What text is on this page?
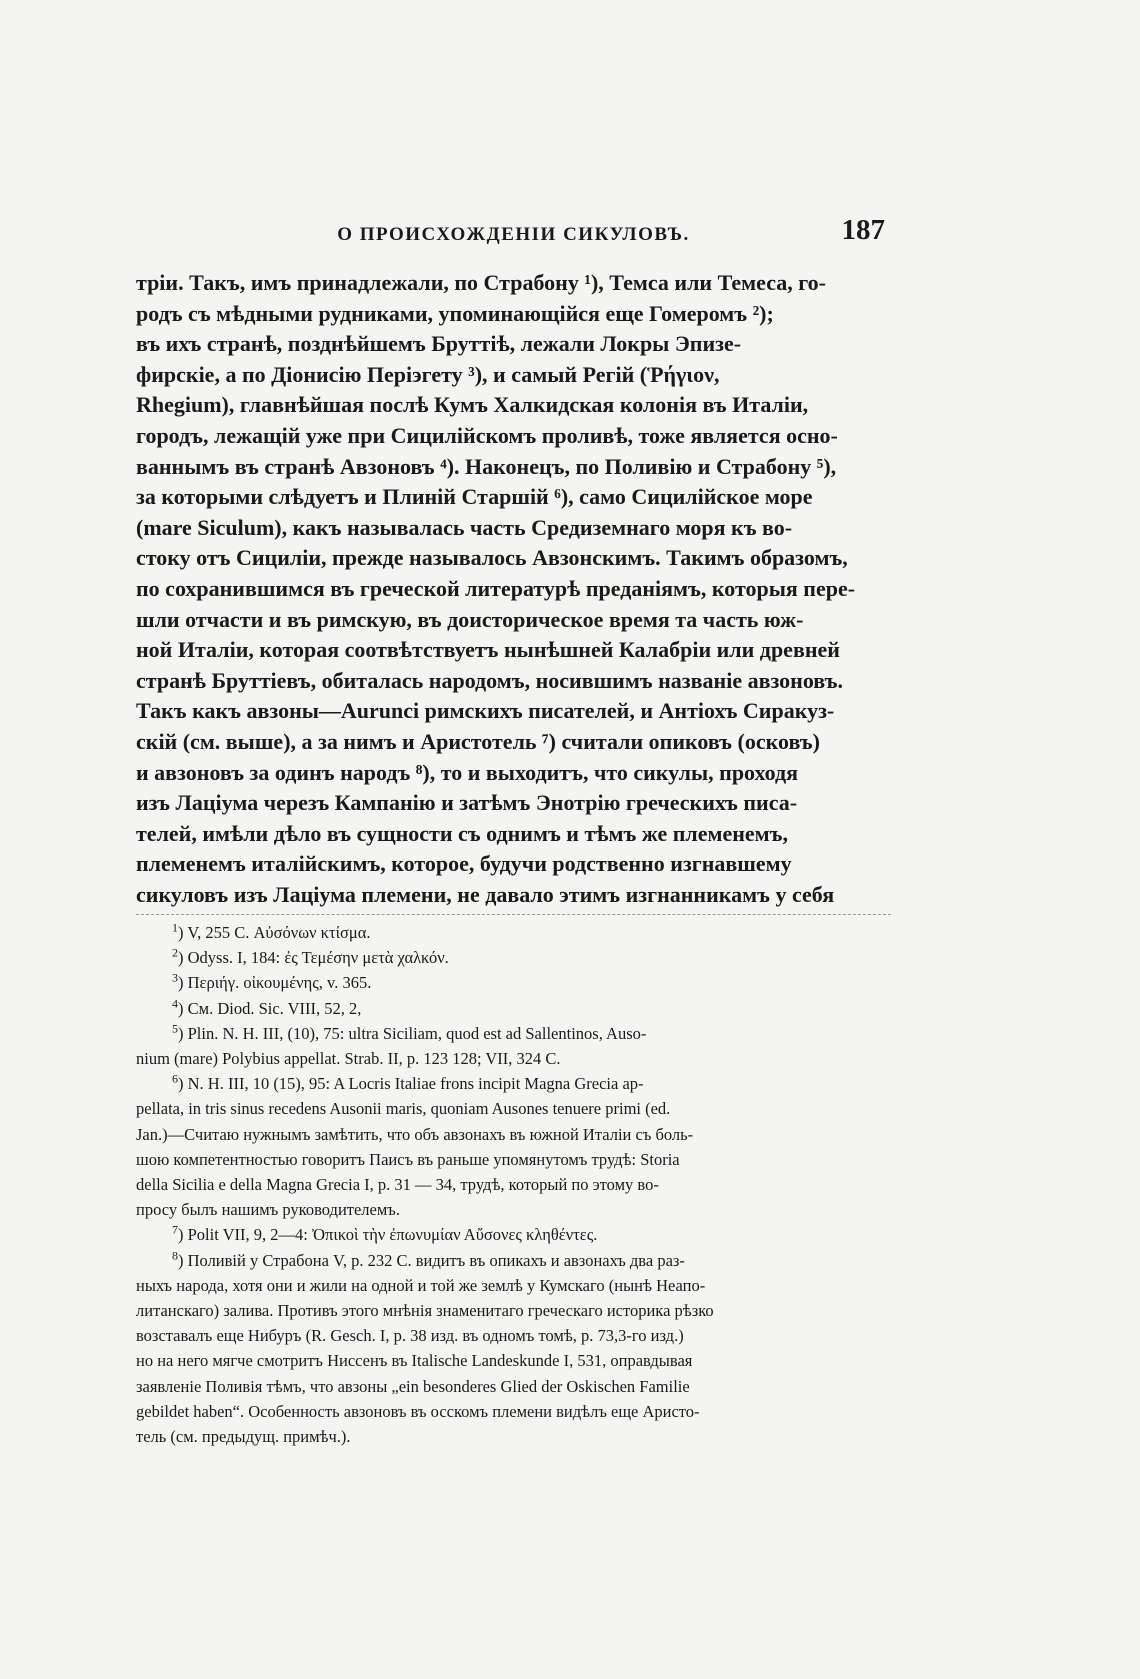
О ПРОИСХОЖДЕНІИ СИКУЛОВЪ.	187
тріи. Такъ, имъ принадлежали, по Страбону ¹), Темса или Темеса, го-
родъ съ мѣдными рудниками, упоминающійся еще Гомеромъ ²);
въ ихъ странѣ, позднѣйшемъ Бруттіѣ, лежали Локры Эпизе-
фирскіе, а по Діонисію Періэгету ³), и самый Регій (Ῥήγιον,
Rhegium), главнѣйшая послѣ Кумъ Халкидская колонія въ Италіи,
городъ, лежащій уже при Сицилійскомъ проливѣ, тоже является осно-
ваннымъ въ странѣ Авзоновъ ⁴). Наконецъ, по Поливію и Страбону ⁵),
за которыми слѣдуетъ и Плиній Старшій ⁶), само Сицилійское море
(mare Siculum), какъ называлась часть Средиземнаго моря къ во-
стоку отъ Сициліи, прежде называлось Авзонскимъ. Такимъ образомъ,
по сохранившимся въ греческой литературѣ преданіямъ, которыя пере-
шли отчасти и въ римскую, въ доисторическое время та часть юж-
ной Италіи, которая соотвѣтствуетъ нынѣшней Калабріи или древней
странѣ Бруттіевъ, обиталась народомъ, носившимъ названіе авзоновъ.
Такъ какъ авзоны—Aurunci римскихъ писателей, и Антіохъ Сиракуз-
скій (см. выше), а за нимъ и Аристотель ⁷) считали опиковъ (осковъ)
и авзоновъ за одинъ народъ ⁸), то и выходитъ, что сикулы, проходя
изъ Лаціума черезъ Кампанію и затѣмъ Энотрію греческихъ писа-
телей, имѣли дѣло въ сущности съ однимъ и тѣмъ же племенемъ,
племенемъ италійскимъ, которое, будучи родственно изгнавшему
сикуловъ изъ Лаціума племени, не давало этимъ изгнанникамъ у себя
$^1$) V, 255 C. Αὐσόνων κτίσμα.
$^2$) Odyss. I, 184: ἐς Τεμέσην μετὰ χαλκόν.
$^3$) Περιήγ. οἰκουμένης, v. 365.
$^4$) См. Diod. Sic. VIII, 52, 2,
$^5$) Plin. N. H. III, (10), 75: ultra Siciliam, quod est ad Sallentinos, Auso-
nium (mare) Polybius appellat. Strab. II, p. 123 128; VII, 324 C.
$^6$) N. H. III, 10 (15), 95: A Locris Italiae frons incipit Magna Grecia ap-
pellata, in tris sinus recedens Ausonii maris, quoniam Ausones tenuere primi (ed.
Jan.)—Считаю нужнымъ замѣтить, что объ авзонахъ въ южной Италіи съ боль-
шою компетентностью говоритъ Паисъ въ раньше упомянутомъ трудѣ: Storia
della Sicilia e della Magna Grecia I, p. 31 — 34, трудѣ, который по этому во-
просу былъ нашимъ руководителемъ.
$^7$) Polit VII, 9, 2—4: Ὀπικοὶ τὴν ἐπωνυμίαν Αὔσονες κληθέντες.
$^8$) Поливій у Страбона V, p. 232 C. видитъ въ опикахъ и авзонахъ два раз-
ныхъ народа, хотя они и жили на одной и той же землѣ у Кумскаго (нынѣ Неапо-
литанскаго) залива. Противъ этого мнѣнія знаменитаго греческаго историка рѣзко
возставалъ еще Нибуръ (R. Gesch. I, p. 38 изд. въ одномъ томѣ, p. 73,3-го изд.)
но на него мягче смотритъ Ниссенъ въ Italische Landeskunde I, 531, оправдывая
заявленіе Поливія тѣмъ, что авзоны „ein besonderes Glied der Oskischen Familie
gebildet haben“. Особенность авзоновъ въ осскомъ племени видѣлъ еще Аристо-
тель (см. предыдущ. примѣч.).
